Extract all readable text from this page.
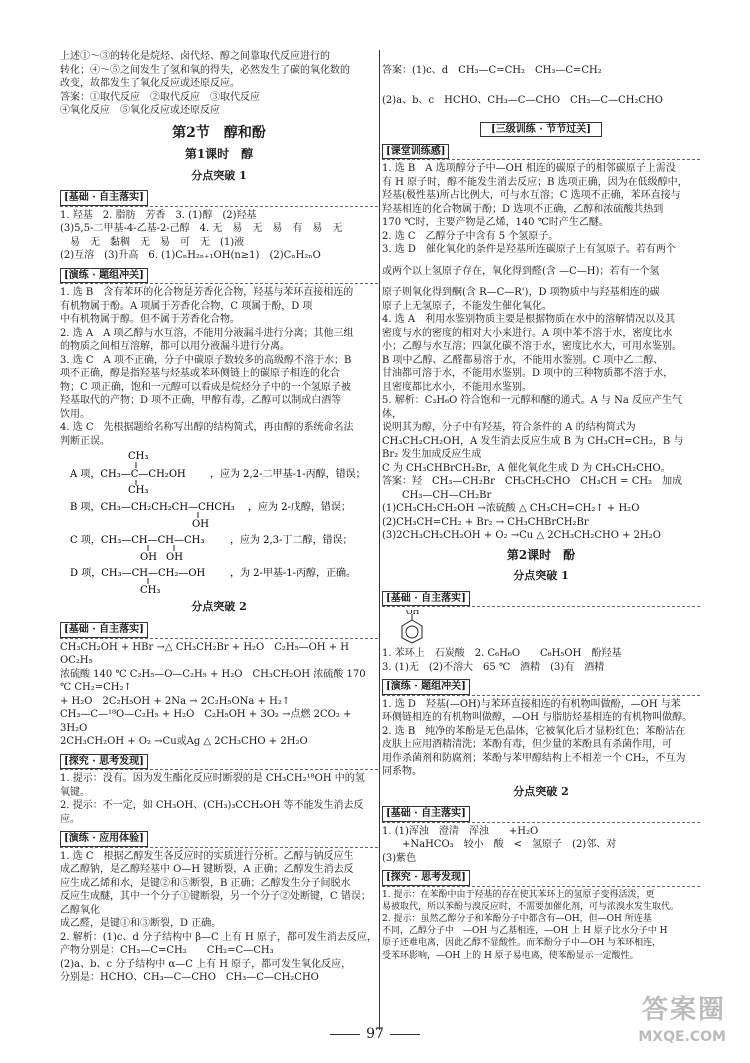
上述①～③的转化是烷烃、卤代烃、醇之间靠取代反应进行的

转化；④～⑤之间发生了氢和氧的得失，必然发生了碳的氧化数的

改变，故都发生了氧化反应或还原反应。

答案：①取代反应　②取代反应　③取代反应

④氧化反应　⑤氧化反应或还原反应

第2节　醇和酚
第1课时　醇
分点突破 1
[基础 · 自主落实]

1. 羟基　2. 脂肪　芳香　3. (1)醇　(2)羟基

(3)5,5-二甲基-4-乙基-2-己醇　4. 无　易　无　易　有　易　无

　易　无　黏稠　无　易　可　无　(1)液

(2)互溶　(3)升高　6. (1)CₙH₂ₙ₊₁OH(n≥1)　(2)CₙH₂ₙO

[演练 · 题组冲关]

1. 选 B　含有苯环的化合物是芳香化合物，羟基与苯环直接相连的

有机物属于酚。A 项属于芳香化合物，C 项属于酚，D 项

中有机物属于醇。但不属于芳香化合物。

2. 选 A　A 项乙醇与水互溶，不能用分液漏斗进行分离；其他三组

的物质之间相互溶解，都可以用分液漏斗进行分离。

3. 选 C　A 项不正确，分子中碳原子数较多的高级醇不溶于水；B

项不正确，醇是指羟基与烃基或苯环侧链上的碳原子相连的化合

物；C 项正确，饱和一元醇可以看成是烷烃分子中的一个氢原子被

羟基取代的产物；D 项不正确，甲醇有毒，乙醇可以制成白酒等

饮用。

4. 选 C　先根据题给名称写出醇的结构简式，再由醇的系统命名法

判断正误。

A 项，CH₃—C—CH₂OH
CH₃
CH₃
，应为 2,2-二甲基-1-丙醇，错误；
B 项，CH₃—CH₂CH₂CH—CHCH₃
OH
，应为 2-戊醇，错误；
C 项，CH₃—CH—CH—CH₃
OH OH
，应为 2,3-丁二醇，错误；
D 项，CH₃—CH—CH₂—OH
CH₃
，为 2-甲基-1-丙醇，正确。
分点突破 2
[基础 · 自主落实]

CH₃CH₂OH + HBr →△ CH₃CH₂Br + H₂O　C₂H₅—OH + H　OC₂H₅

浓硫酸 140 ℃ C₂H₅—O—C₂H₅ + H₂O　CH₃CH₂OH 浓硫酸 170 ℃ CH₂=CH₂↑

+ H₂O　2C₂H₅OH + 2Na → 2C₂H₅ONa + H₂↑

CH₃—C—¹⁸O—C₂H₅ + H₂O　C₂H₅OH + 3O₂ →点燃 2CO₂ + 3H₂O

2CH₃CH₂OH + O₂ →Cu或Ag △ 2CH₃CHO + 2H₂O

[探究 · 思考发现]

1. 提示：没有。因为发生酯化反应时断裂的是 CH₃CH₂¹⁸OH 中的氢

氧键。

2. 提示：不一定，如 CH₃OH、(CH₃)₃CCH₂OH 等不能发生消去反应。

[演练 · 应用体验]

1. 选 C　根据乙醇发生各反应时的实质进行分析。乙醇与钠反应生

成乙醇钠，是乙醇羟基中 O—H 键断裂，A 正确；乙醇发生消去反

应生成乙烯和水，是键②和⑤断裂，B 正确；乙醇发生分子间脱水

反应生成醚，其中一个分子①键断裂，另一个分子②处断键，C 错误；乙醇氧化

成乙醛，是键①和③断裂，D 正确。

2. 解析：(1)c、d 分子结构中 β—C 上有 H 原子，都可发生消去反应，

产物分别是：CH₃—C=CH₂　　CH₂=C—CH₃

(2)a、b、c 分子结构中 α—C 上有 H 原子，都可发生氧化反应，

分别是：HCHO、CH₃—C—CHO　CH₃—C—CH₂CHO

答案：(1)c、d　CH₃—C=CH₂　CH₃—C=CH₂

(2)a、b、c　HCHO、CH₃—C—CHO　CH₃—C—CH₂CHO

[三级训练 · 节节过关]
[课堂训练感]

1. 选 B　A 选项醇分子中—OH 相连的碳原子的相邻碳原子上需没

有 H 原子时，醇不能发生消去反应；B 选项正确，因为在低级醇中，

羟基(极性基)所占比例大，可与水互溶；C 选项不正确，苯环直接与

羟基相连的化合物属于酚；D 选项不正确，乙醇和浓硫酸共热到

170 ℃时，主要产物是乙烯，140 ℃时产生乙醚。

2. 选 C　乙醇分子中含有 5 个氢原子。

3. 选 D　催化氧化的条件是羟基所连碳原子上有氢原子。若有两个

或两个以上氢原子存在，氧化得到醛(含 —C—H)；若有一个氢

原子则氧化得到酮(含 R—C—R')，D 项物质中与羟基相连的碳

原子上无氢原子，不能发生催化氧化。

4. 选 A　利用水鉴别物质主要是根据物质在水中的溶解情况以及其

密度与水的密度的相对大小来进行。A 项中苯不溶于水，密度比水

小；乙醇与水互溶；四氯化碳不溶于水，密度比水大，可用水鉴别。

B 项中乙醇、乙醛都易溶于水，不能用水鉴别。C 项中乙二醇、

甘油都可溶于水，不能用水鉴别。D 项中的三种物质都不溶于水，

且密度都比水小，不能用水鉴别。

5. 解析：C₃H₆O 符合饱和一元醇和醚的通式。A 与 Na 反应产生气体，

说明其为醇，分子中有羟基，符合条件的 A 的结构简式为

CH₃CH₂CH₂OH，A 发生消去反应生成 B 为 CH₃CH=CH₂，B 与 Br₂ 发生加成反应生成

C 为 CH₃CHBrCH₂Br，A 催化氧化生成 D 为 CH₃CH₂CHO。

答案：羟　CH₃—CH₂Br　CH₃CH₂CHO　CH₃CH = CH₂　加成

　　CH₃—CH—CH₂Br

(1)CH₃CH₂CH₂OH →浓硫酸 △ CH₃CH=CH₂↑ + H₂O

(2)CH₃CH=CH₂ + Br₂ → CH₃CHBrCH₂Br

(3)2CH₃CH₂CH₂OH + O₂ →Cu △ 2CH₃CH₂CHO + 2H₂O

第2课时　酚
分点突破 1
[基础 · 自主落实]
OH

1. 苯环上　石炭酸　2. C₆H₆O　　C₆H₅OH　酚羟基

3. (1)无　(2)不溶大　65 ℃　酒精　(3)有　酒精

[演练 · 题组冲关]

1. 选 D　羟基(—OH)与苯环直接相连的有机物叫做酚，—OH 与苯

环侧链相连的有机物叫做醇，—OH 与脂肪烃基相连的有机物叫做醇。

2. 选 B　纯净的苯酚是无色晶体，它被氧化后才显粉红色；苯酚沾在

皮肤上应用酒精清洗；苯酚有毒，但少量的苯酚具有杀菌作用，可

用作杀菌剂和防腐剂；苯酚与苯甲醇结构上不相差一个 CH₂，不互为

同系物。

分点突破 2
[基础 · 自主落实]

1. (1)浑浊　澄清　浑浊　　+H₂O

　　+NaHCO₃　较小　酸　<　氢原子　(2)邻、对

(3)紫色

[探究 · 思考发现]

1. 提示：在苯酚中由于羟基的存在使其苯环上的氢原子变得活泼，更

易被取代，所以苯酚与溴反应时，不需要加催化剂，可与浓溴水发生取代。

2. 提示：虽然乙醇分子和苯酚分子中都含有—OH，但—OH 所连基

不同，乙醇分子中　—OH 与乙基相连，—OH 上 H 原子比水分子中 H

原子还难电离，因此乙醇不显酸性。而苯酚分子中—OH 与苯环相连，

受苯环影响，—OH 上的 H 原子易电离，使苯酚显示一定酸性。

97
答案圈
MXQE.COM
